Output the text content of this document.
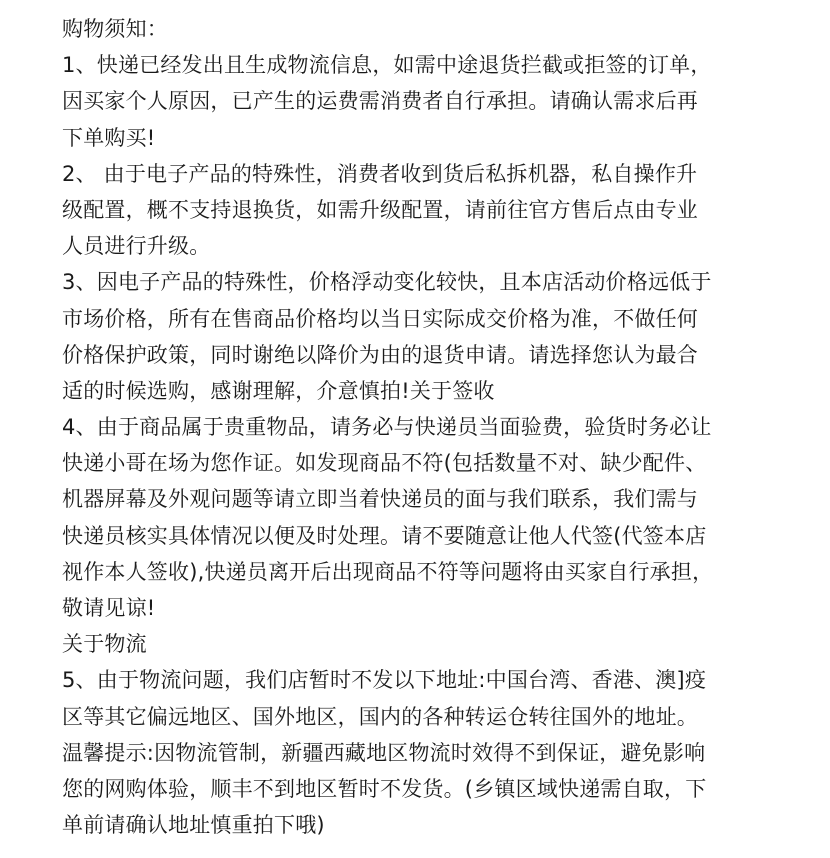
购物须知：
1、快递已经发出且生成物流信息，如需中途退货拦截或拒签的订单，
因买家个人原因，已产生的运费需消费者自行承担。请确认需求后再
下单购买!
2、 由于电子产品的特殊性，消费者收到货后私拆机器，私自操作升
级配置，概不支持退换货，如需升级配置，请前往官方售后点由专业
人员进行升级。
3、因电子产品的特殊性，价格浮动变化较快，且本店活动价格远低于
市场价格，所有在售商品价格均以当日实际成交价格为准，不做任何
价格保护政策，同时谢绝以降价为由的退货申请。请选择您认为最合
适的时候选购，感谢理解，介意慎拍!关于签收
4、由于商品属于贵重物品，请务必与快递员当面验费，验货时务必让
快递小哥在场为您作证。如发现商品不符(包括数量不对、缺少配件、
机器屏幕及外观问题等请立即当着快递员的面与我们联系，我们需与
快递员核实具体情况以便及时处理。请不要随意让他人代签(代签本店
视作本人签收),快递员离开后出现商品不符等问题将由买家自行承担，
敬请见谅!
关于物流
5、由于物流问题，我们店暂时不发以下地址:中国台湾、香港、澳]疫
区等其它偏远地区、国外地区，国内的各种转运仓转往国外的地址。
温馨提示:因物流管制，新疆西藏地区物流时效得不到保证，避免影响
您的网购体验，顺丰不到地区暂时不发货。(乡镇区域快递需自取，下
单前请确认地址慎重拍下哦)
